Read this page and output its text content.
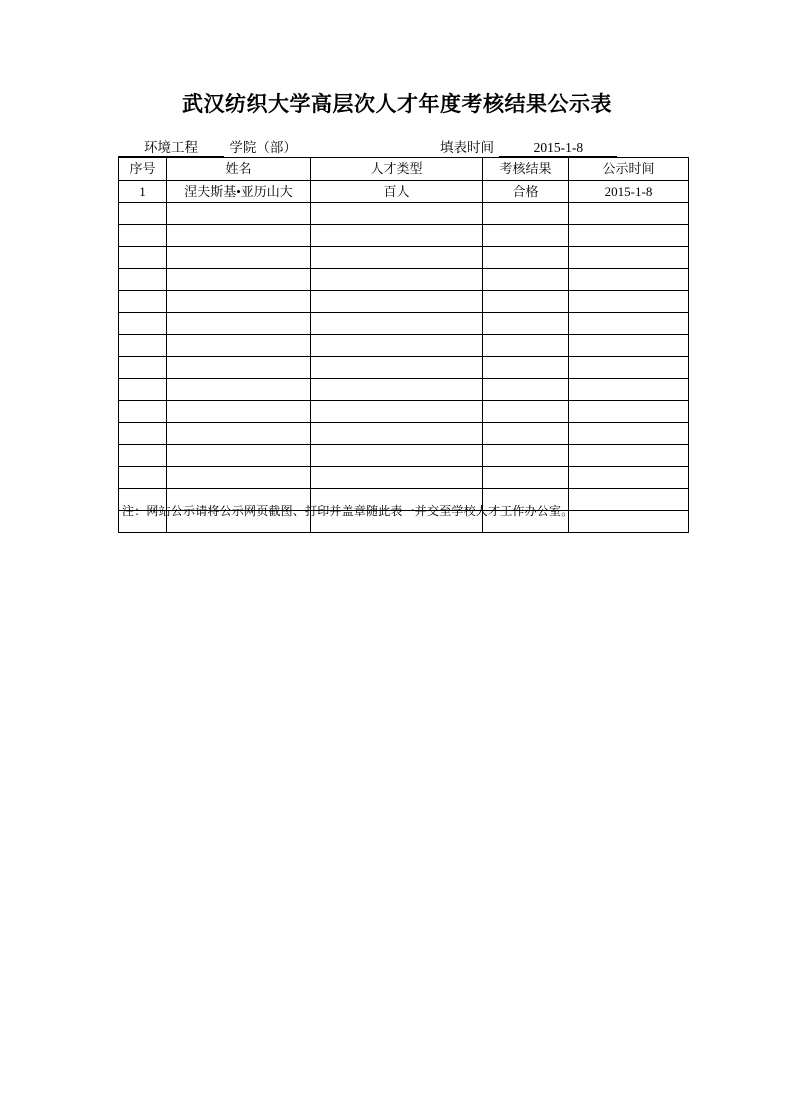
武汉纺织大学高层次人才年度考核结果公示表
环境工程 学院（部）	填表时间	2015-1-8
序号	姓名	人才类型	考核结果	公示时间
1	涅夫斯基•亚历山大	百人	合格	2015-1-8

注：网站公示请将公示网页截图、打印并盖章随此表一并交至学校人才工作办公室。
